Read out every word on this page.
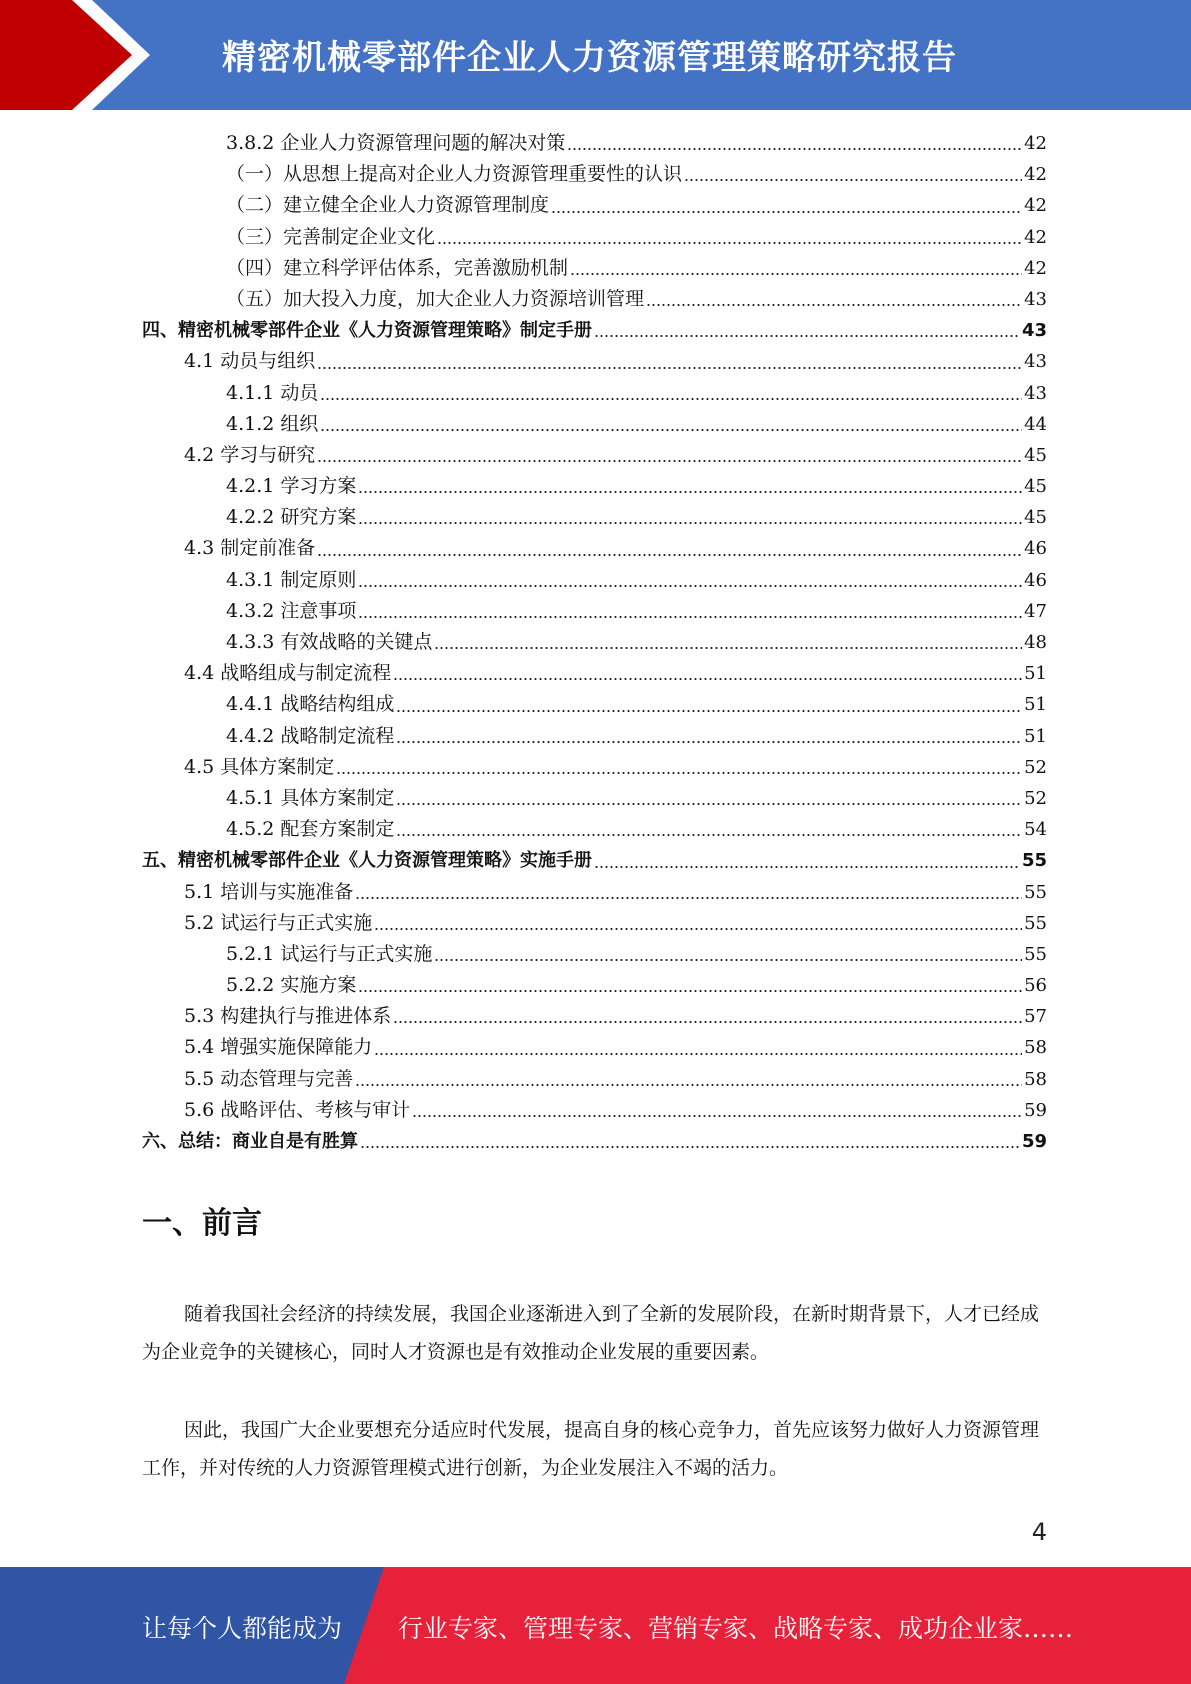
精密机械零部件企业人力资源管理策略研究报告
3.8.2 企业人力资源管理问题的解决对策	42
（一）从思想上提高对企业人力资源管理重要性的认识	42
（二）建立健全企业人力资源管理制度	42
（三）完善制定企业文化	42
（四）建立科学评估体系，完善激励机制	42
（五）加大投入力度，加大企业人力资源培训管理	43
四、精密机械零部件企业《人力资源管理策略》制定手册	43
4.1 动员与组织	43
4.1.1 动员	43
4.1.2 组织	44
4.2 学习与研究	45
4.2.1 学习方案	45
4.2.2 研究方案	45
4.3 制定前准备	46
4.3.1 制定原则	46
4.3.2 注意事项	47
4.3.3 有效战略的关键点	48
4.4 战略组成与制定流程	51
4.4.1 战略结构组成	51
4.4.2 战略制定流程	51
4.5 具体方案制定	52
4.5.1 具体方案制定	52
4.5.2 配套方案制定	54
五、精密机械零部件企业《人力资源管理策略》实施手册	55
5.1 培训与实施准备	55
5.2 试运行与正式实施	55
5.2.1 试运行与正式实施	55
5.2.2 实施方案	56
5.3 构建执行与推进体系	57
5.4 增强实施保障能力	58
5.5 动态管理与完善	58
5.6 战略评估、考核与审计	59
六、总结：商业自是有胜算	59
一、前言
随着我国社会经济的持续发展，我国企业逐渐进入到了全新的发展阶段，在新时期背景下，人才已经成为企业竞争的关键核心，同时人才资源也是有效推动企业发展的重要因素。
因此，我国广大企业要想充分适应时代发展，提高自身的核心竞争力，首先应该努力做好人力资源管理工作，并对传统的人力资源管理模式进行创新，为企业发展注入不竭的活力。
4
让每个人都能成为 行业专家、管理专家、营销专家、战略专家、成功企业家……
